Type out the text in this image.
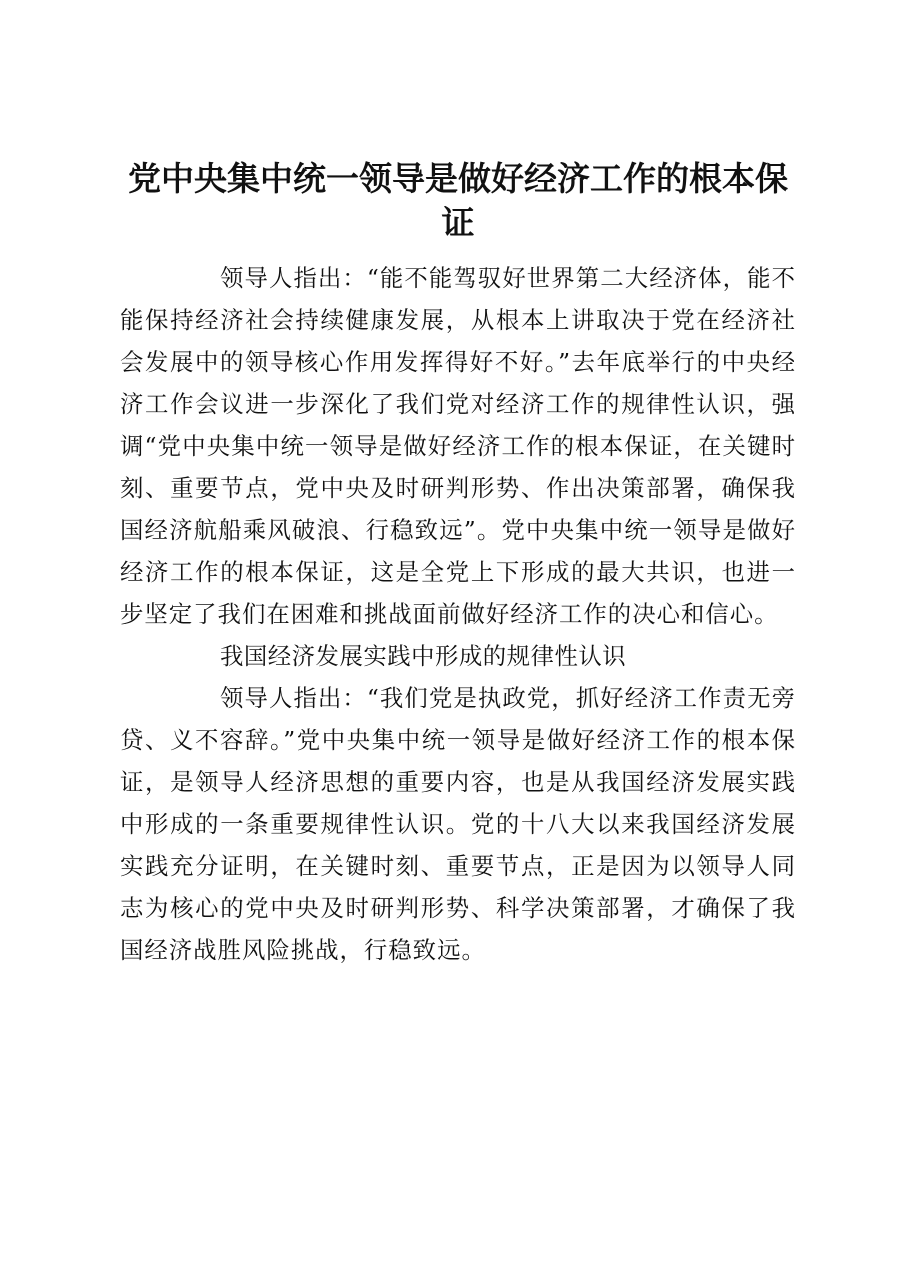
党中央集中统一领导是做好经济工作的根本保证

领导人指出：“能不能驾驭好世界第二大经济体，能不能保持经济社会持续健康发展，从根本上讲取决于党在经济社会发展中的领导核心作用发挥得好不好。”去年底举行的中央经济工作会议进一步深化了我们党对经济工作的规律性认识，强调“党中央集中统一领导是做好经济工作的根本保证，在关键时刻、重要节点，党中央及时研判形势、作出决策部署，确保我国经济航船乘风破浪、行稳致远”。党中央集中统一领导是做好经济工作的根本保证，这是全党上下形成的最大共识，也进一步坚定了我们在困难和挑战面前做好经济工作的决心和信心。

我国经济发展实践中形成的规律性认识

领导人指出：“我们党是执政党，抓好经济工作责无旁贷、义不容辞。”党中央集中统一领导是做好经济工作的根本保证，是领导人经济思想的重要内容，也是从我国经济发展实践中形成的一条重要规律性认识。党的十八大以来我国经济发展实践充分证明，在关键时刻、重要节点，正是因为以领导人同志为核心的党中央及时研判形势、科学决策部署，才确保了我国经济战胜风险挑战，行稳致远。
